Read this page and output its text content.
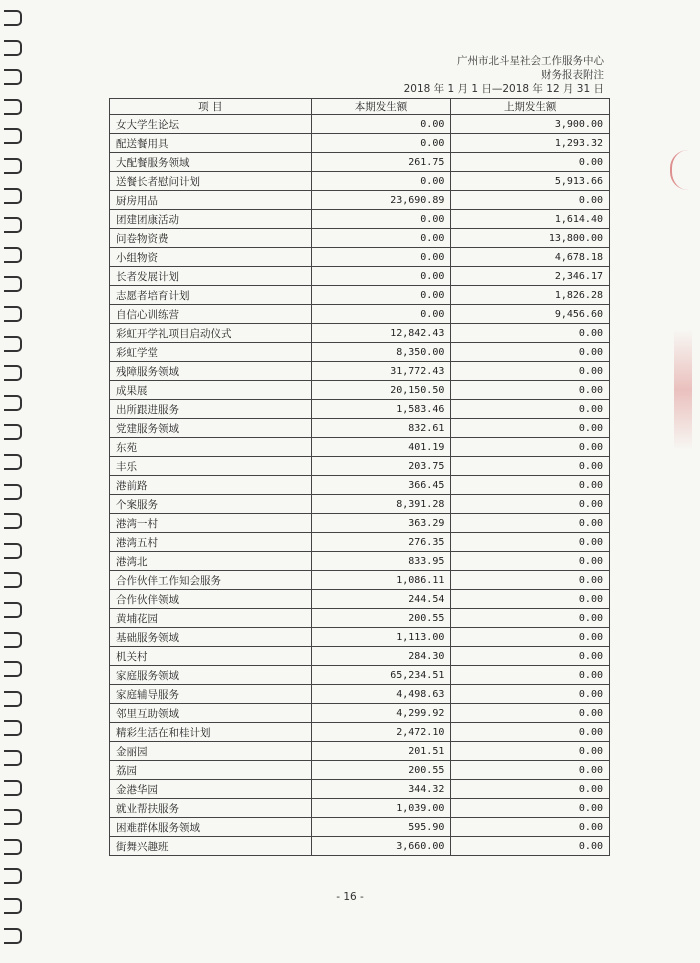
广州市北斗星社会工作服务中心
财务报表附注
2018 年 1 月 1 日—2018 年 12 月 31 日
项 目	本期发生额	上期发生额
女大学生论坛	0.00	3,900.00
配送餐用具	0.00	1,293.32
大配餐服务领域	261.75	0.00
送餐长者慰问计划	0.00	5,913.66
厨房用品	23,690.89	0.00
团建团康活动	0.00	1,614.40
问卷物资费	0.00	13,800.00
小组物资	0.00	4,678.18
长者发展计划	0.00	2,346.17
志愿者培育计划	0.00	1,826.28
自信心训练营	0.00	9,456.60
彩虹开学礼项目启动仪式	12,842.43	0.00
彩虹学堂	8,350.00	0.00
残障服务领域	31,772.43	0.00
成果展	20,150.50	0.00
出所跟进服务	1,583.46	0.00
党建服务领域	832.61	0.00
东苑	401.19	0.00
丰乐	203.75	0.00
港前路	366.45	0.00
个案服务	8,391.28	0.00
港湾一村	363.29	0.00
港湾五村	276.35	0.00
港湾北	833.95	0.00
合作伙伴工作知会服务	1,086.11	0.00
合作伙伴领域	244.54	0.00
黄埔花园	200.55	0.00
基础服务领域	1,113.00	0.00
机关村	284.30	0.00
家庭服务领域	65,234.51	0.00
家庭辅导服务	4,498.63	0.00
邻里互助领域	4,299.92	0.00
精彩生活在和桂计划	2,472.10	0.00
金丽园	201.51	0.00
荔园	200.55	0.00
金港华园	344.32	0.00
就业帮扶服务	1,039.00	0.00
困难群体服务领域	595.90	0.00
街舞兴趣班	3,660.00	0.00
- 16 -
